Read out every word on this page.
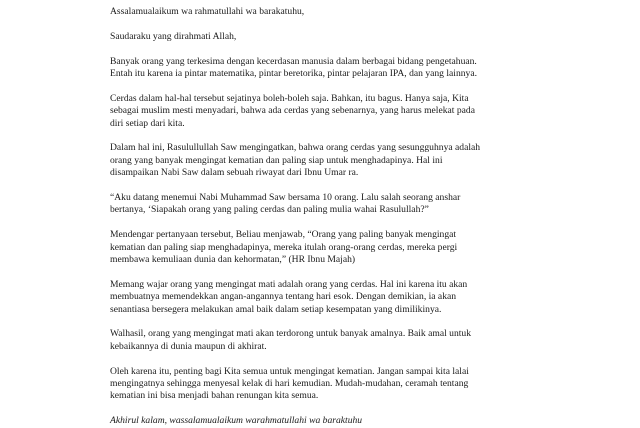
Assalamualaikum wa rahmatullahi wa barakatuhu,

Saudaraku yang dirahmati Allah,

Banyak orang yang terkesima dengan kecerdasan manusia dalam berbagai bidang pengetahuan.
Entah itu karena ia pintar matematika, pintar beretorika, pintar pelajaran IPA, dan yang lainnya.

Cerdas dalam hal-hal tersebut sejatinya boleh-boleh saja. Bahkan, itu bagus. Hanya saja, Kita
sebagai muslim mesti menyadari, bahwa ada cerdas yang sebenarnya, yang harus melekat pada
diri setiap dari kita.

Dalam hal ini, Rasulullullah Saw mengingatkan, bahwa orang cerdas yang sesungguhnya adalah
orang yang banyak mengingat kematian dan paling siap untuk menghadapinya. Hal ini
disampaikan Nabi Saw dalam sebuah riwayat dari Ibnu Umar ra.

“Aku datang menemui Nabi Muhammad Saw bersama 10 orang. Lalu salah seorang anshar
bertanya, ‘Siapakah orang yang paling cerdas dan paling mulia wahai Rasulullah?”

Mendengar pertanyaan tersebut, Beliau menjawab, “Orang yang paling banyak mengingat
kematian dan paling siap menghadapinya, mereka itulah orang-orang cerdas, mereka pergi
membawa kemuliaan dunia dan kehormatan,” (HR Ibnu Majah)

Memang wajar orang yang mengingat mati adalah orang yang cerdas. Hal ini karena itu akan
membuatnya memendekkan angan-angannya tentang hari esok. Dengan demikian, ia akan
senantiasa bersegera melakukan amal baik dalam setiap kesempatan yang dimilikinya.

Walhasil, orang yang mengingat mati akan terdorong untuk banyak amalnya. Baik amal untuk
kebaikannya di dunia maupun di akhirat.

Oleh karena itu, penting bagi Kita semua untuk mengingat kematian. Jangan sampai kita lalai
mengingatnya sehingga menyesal kelak di hari kemudian. Mudah-mudahan, ceramah tentang
kematian ini bisa menjadi bahan renungan kita semua.

Akhirul kalam, wassalamualaikum warahmatullahi wa baraktuhu
